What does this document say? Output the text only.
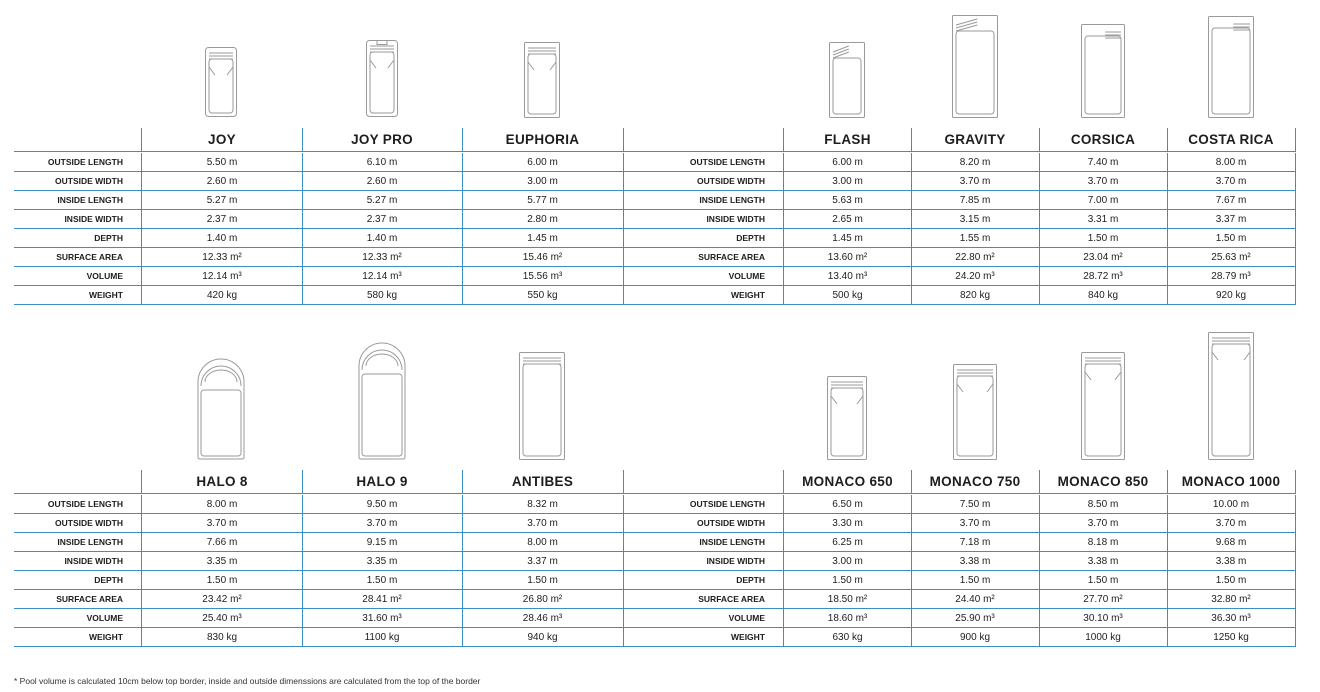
JOY	JOY PRO	EUPHORIA
OUTSIDE LENGTH	5.50 m	6.10 m	6.00 m
OUTSIDE WIDTH	2.60 m	2.60 m	3.00 m
INSIDE LENGTH	5.27 m	5.27 m	5.77 m
INSIDE WIDTH	2.37 m	2.37 m	2.80 m
DEPTH	1.40 m	1.40 m	1.45 m
SURFACE AREA	12.33 m²	12.33 m²	15.46 m²
VOLUME	12.14 m³	12.14 m³	15.56 m³
WEIGHT	420 kg	580 kg	550 kg
FLASH	GRAVITY	CORSICA	COSTA RICA
OUTSIDE LENGTH	6.00 m	8.20 m	7.40 m	8.00 m
OUTSIDE WIDTH	3.00 m	3.70 m	3.70 m	3.70 m
INSIDE LENGTH	5.63 m	7.85 m	7.00 m	7.67 m
INSIDE WIDTH	2.65 m	3.15 m	3.31 m	3.37 m
DEPTH	1.45 m	1.55 m	1.50 m	1.50 m
SURFACE AREA	13.60 m²	22.80 m²	23.04 m²	25.63 m²
VOLUME	13.40 m³	24.20 m³	28.72 m³	28.79 m³
WEIGHT	500 kg	820 kg	840 kg	920 kg
HALO 8	HALO 9	ANTIBES
OUTSIDE LENGTH	8.00 m	9.50 m	8.32 m
OUTSIDE WIDTH	3.70 m	3.70 m	3.70 m
INSIDE LENGTH	7.66 m	9.15 m	8.00 m
INSIDE WIDTH	3.35 m	3.35 m	3.37 m
DEPTH	1.50 m	1.50 m	1.50 m
SURFACE AREA	23.42 m²	28.41 m²	26.80 m²
VOLUME	25.40 m³	31.60 m³	28.46 m³
WEIGHT	830 kg	1100 kg	940 kg
MONACO 650	MONACO 750	MONACO 850	MONACO 1000
OUTSIDE LENGTH	6.50 m	7.50 m	8.50 m	10.00 m
OUTSIDE WIDTH	3.30 m	3.70 m	3.70 m	3.70 m
INSIDE LENGTH	6.25 m	7.18 m	8.18 m	9.68 m
INSIDE WIDTH	3.00 m	3.38 m	3.38 m	3.38 m
DEPTH	1.50 m	1.50 m	1.50 m	1.50 m
SURFACE AREA	18.50 m²	24.40 m²	27.70 m²	32.80 m²
VOLUME	18.60 m³	25.90 m³	30.10 m³	36.30 m³
WEIGHT	630 kg	900 kg	1000 kg	1250 kg
* Pool volume is calculated 10cm below top border, inside and outside dimenssions are calculated from the top of the border
